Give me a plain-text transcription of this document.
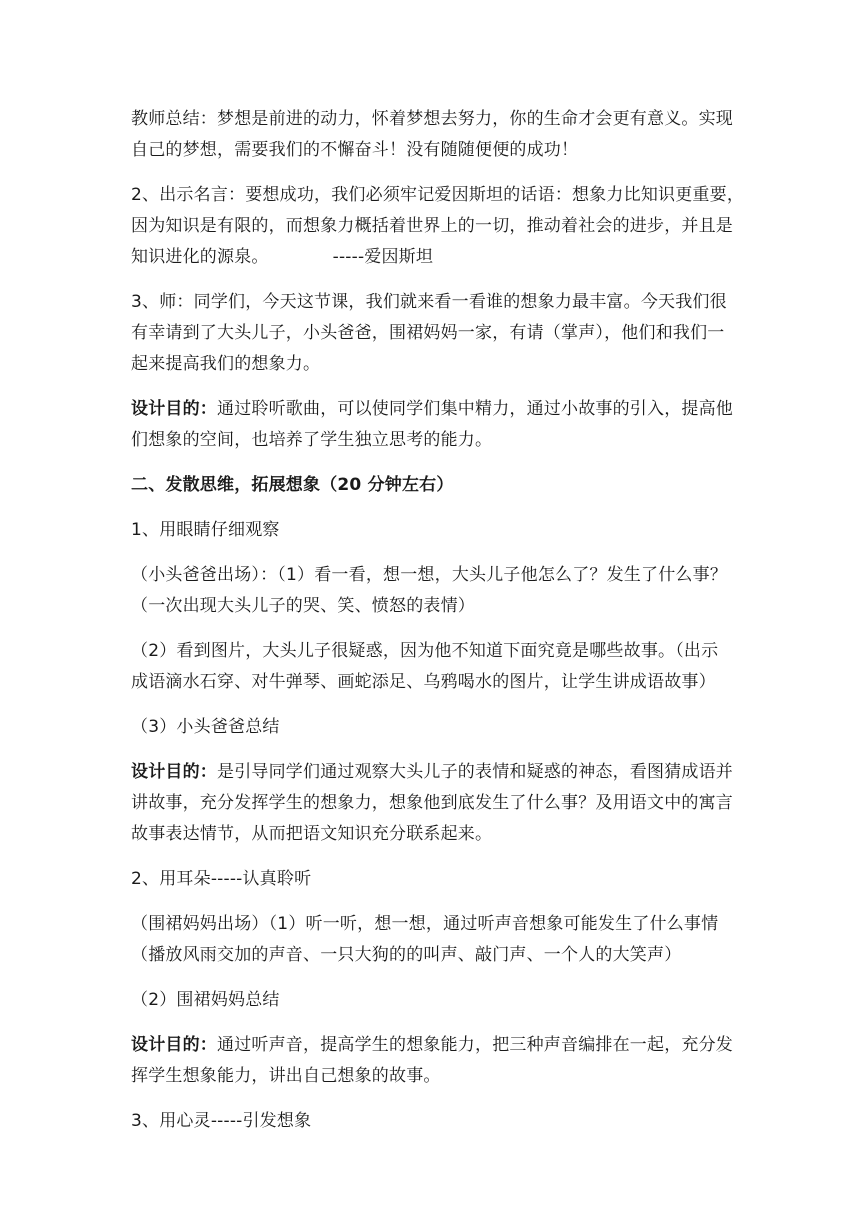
教师总结：梦想是前进的动力，怀着梦想去努力，你的生命才会更有意义。实现
自己的梦想，需要我们的不懈奋斗！没有随随便便的成功！
2、出示名言：要想成功，我们必须牢记爱因斯坦的话语：想象力比知识更重要，
因为知识是有限的，而想象力概括着世界上的一切，推动着社会的进步，并且是
知识进化的源泉。	-----爱因斯坦
3、师：同学们，今天这节课，我们就来看一看谁的想象力最丰富。今天我们很
有幸请到了大头儿子，小头爸爸，围裙妈妈一家，有请（掌声），他们和我们一
起来提高我们的想象力。
设计目的：通过聆听歌曲，可以使同学们集中精力，通过小故事的引入，提高他
们想象的空间，也培养了学生独立思考的能力。
二、发散思维，拓展想象（20 分钟左右）
1、用眼睛仔细观察
（小头爸爸出场）：（1）看一看，想一想，大头儿子他怎么了？发生了什么事？
（一次出现大头儿子的哭、笑、愤怒的表情）
（2）看到图片，大头儿子很疑惑，因为他不知道下面究竟是哪些故事。（出示
成语滴水石穿、对牛弹琴、画蛇添足、乌鸦喝水的图片，让学生讲成语故事）
（3）小头爸爸总结
设计目的：是引导同学们通过观察大头儿子的表情和疑惑的神态，看图猜成语并
讲故事，充分发挥学生的想象力，想象他到底发生了什么事？及用语文中的寓言
故事表达情节，从而把语文知识充分联系起来。
2、用耳朵-----认真聆听
（围裙妈妈出场）（1）听一听，想一想，通过听声音想象可能发生了什么事情
（播放风雨交加的声音、一只大狗的的叫声、敲门声、一个人的大笑声）
（2）围裙妈妈总结
设计目的：通过听声音，提高学生的想象能力，把三种声音编排在一起，充分发
挥学生想象能力，讲出自己想象的故事。
3、用心灵-----引发想象
